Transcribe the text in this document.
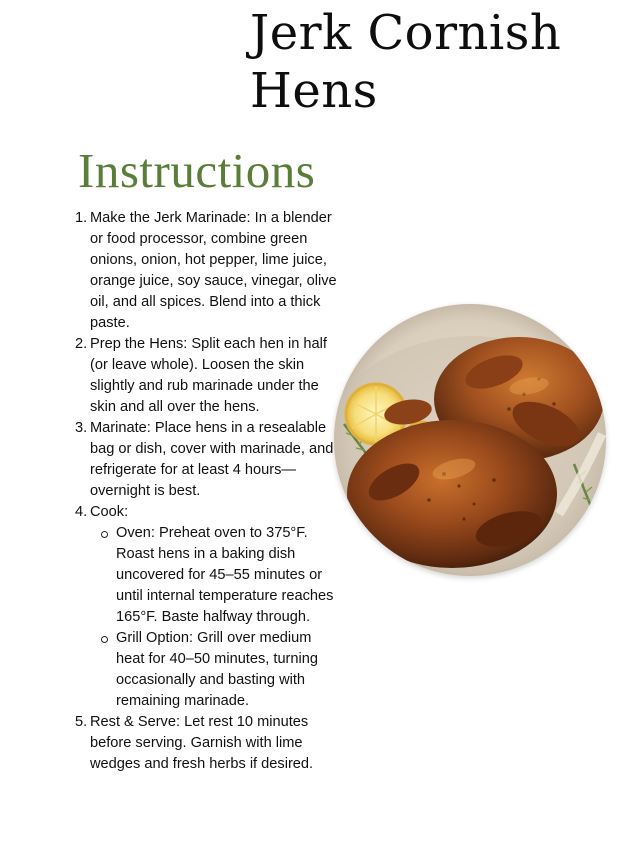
Jerk Cornish Hens
Instructions
1. Make the Jerk Marinade: In a blender or food processor, combine green onions, onion, hot pepper, lime juice, orange juice, soy sauce, vinegar, olive oil, and all spices. Blend into a thick paste.
2. Prep the Hens: Split each hen in half (or leave whole). Loosen the skin slightly and rub marinade under the skin and all over the hens.
3. Marinate: Place hens in a resealable bag or dish, cover with marinade, and refrigerate for at least 4 hours—overnight is best.
4. Cook:
Oven: Preheat oven to 375°F. Roast hens in a baking dish uncovered for 45–55 minutes or until internal temperature reaches 165°F. Baste halfway through.
Grill Option: Grill over medium heat for 40–50 minutes, turning occasionally and basting with remaining marinade.
5. Rest & Serve: Let rest 10 minutes before serving. Garnish with lime wedges and fresh herbs if desired.
